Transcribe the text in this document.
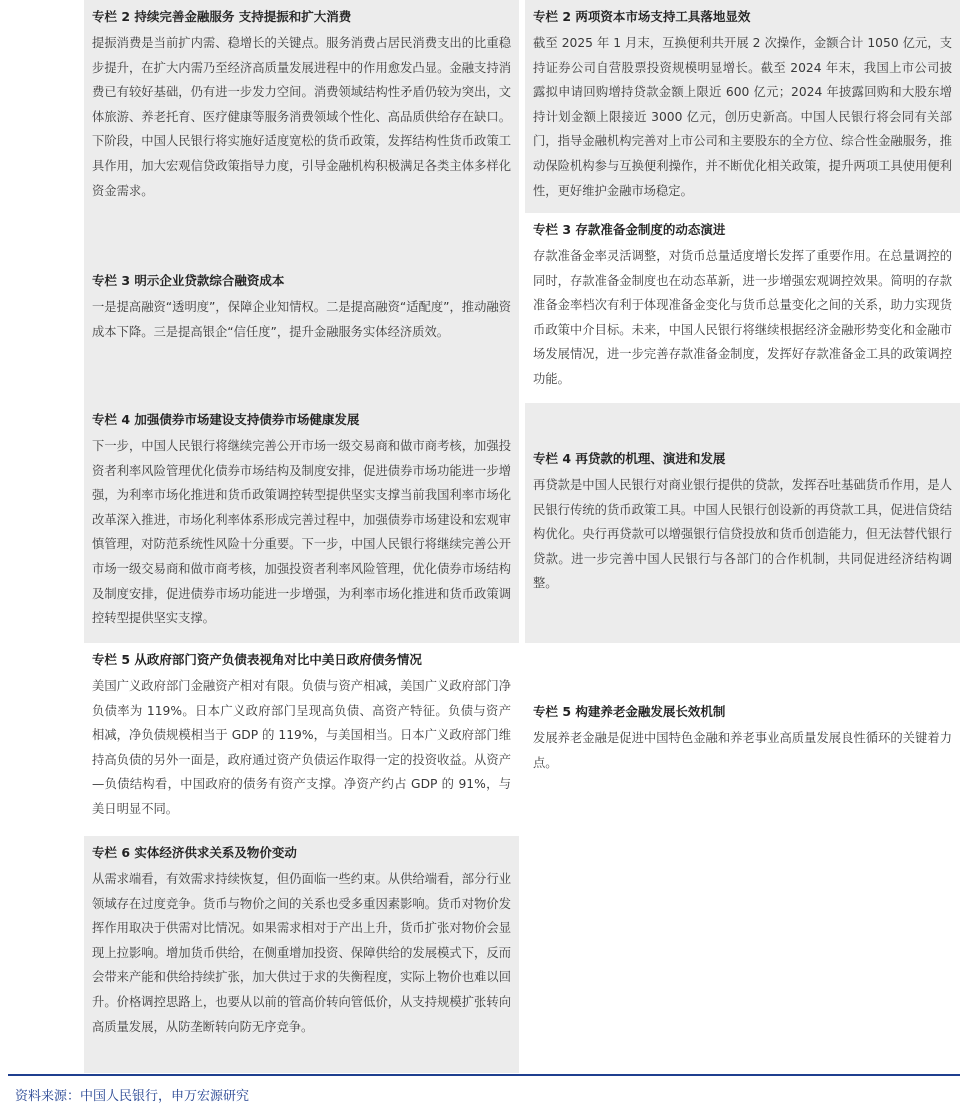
专栏 2 持续完善金融服务 支持提振和扩大消费
提振消费是当前扩内需、稳增长的关键点。服务消费占居民消费支出的比重稳步提升，在扩大内需乃至经济高质量发展进程中的作用愈发凸显。金融支持消费已有较好基础，仍有进一步发力空间。消费领域结构性矛盾仍较为突出，文体旅游、养老托育、医疗健康等服务消费领域个性化、高品质供给存在缺口。下阶段，中国人民银行将实施好适度宽松的货币政策，发挥结构性货币政策工具作用，加大宏观信贷政策指导力度，引导金融机构积极满足各类主体多样化资金需求。
专栏 2 两项资本市场支持工具落地显效
截至 2025 年 1 月末，互换便利共开展 2 次操作，金额合计 1050 亿元，支持证券公司自营股票投资规模明显增长。截至 2024 年末，我国上市公司披露拟申请回购增持贷款金额上限近 600 亿元；2024 年披露回购和大股东增持计划金额上限接近 3000 亿元，创历史新高。中国人民银行将会同有关部门，指导金融机构完善对上市公司和主要股东的全方位、综合性金融服务，推动保险机构参与互换便利操作，并不断优化相关政策，提升两项工具使用便利性，更好维护金融市场稳定。
专栏 3 明示企业贷款综合融资成本
一是提高融资“透明度”，保障企业知情权。二是提高融资“适配度”，推动融资成本下降。三是提高银企“信任度”，提升金融服务实体经济质效。
专栏 3 存款准备金制度的动态演进
存款准备金率灵活调整，对货币总量适度增长发挥了重要作用。在总量调控的同时，存款准备金制度也在动态革新，进一步增强宏观调控效果。简明的存款准备金率档次有利于体现准备金变化与货币总量变化之间的关系，助力实现货币政策中介目标。未来，中国人民银行将继续根据经济金融形势变化和金融市场发展情况，进一步完善存款准备金制度，发挥好存款准备金工具的政策调控功能。
专栏 4 加强债券市场建设支持债券市场健康发展
下一步，中国人民银行将继续完善公开市场一级交易商和做市商考核，加强投资者利率风险管理优化债券市场结构及制度安排，促进债券市场功能进一步增强，为利率市场化推进和货币政策调控转型提供坚实支撑当前我国利率市场化改革深入推进，市场化利率体系形成完善过程中，加强债券市场建设和宏观审慎管理，对防范系统性风险十分重要。下一步，中国人民银行将继续完善公开市场一级交易商和做市商考核，加强投资者利率风险管理，优化债券市场结构及制度安排，促进债券市场功能进一步增强，为利率市场化推进和货币政策调控转型提供坚实支撑。
专栏 4 再贷款的机理、演进和发展
再贷款是中国人民银行对商业银行提供的贷款，发挥吞吐基础货币作用，是人民银行传统的货币政策工具。中国人民银行创设新的再贷款工具，促进信贷结构优化。央行再贷款可以增强银行信贷投放和货币创造能力，但无法替代银行贷款。进一步完善中国人民银行与各部门的合作机制，共同促进经济结构调整。
专栏 5 从政府部门资产负债表视角对比中美日政府债务情况
美国广义政府部门金融资产相对有限。负债与资产相减，美国广义政府部门净负债率为 119%。日本广义政府部门呈现高负债、高资产特征。负债与资产相减，净负债规模相当于 GDP 的 119%，与美国相当。日本广义政府部门维持高负债的另外一面是，政府通过资产负债运作取得一定的投资收益。从资产—负债结构看，中国政府的债务有资产支撑。净资产约占 GDP 的 91%，与美日明显不同。
专栏 5 构建养老金融发展长效机制
发展养老金融是促进中国特色金融和养老事业高质量发展良性循环的关键着力点。
专栏 6 实体经济供求关系及物价变动
从需求端看，有效需求持续恢复，但仍面临一些约束。从供给端看，部分行业领域存在过度竞争。货币与物价之间的关系也受多重因素影响。货币对物价发挥作用取决于供需对比情况。如果需求相对于产出上升，货币扩张对物价会显现上拉影响。增加货币供给，在侧重增加投资、保障供给的发展模式下，反而会带来产能和供给持续扩张，加大供过于求的失衡程度，实际上物价也难以回升。价格调控思路上，也要从以前的管高价转向管低价，从支持规模扩张转向高质量发展，从防垄断转向防无序竞争。
资料来源：中国人民银行，申万宏源研究
